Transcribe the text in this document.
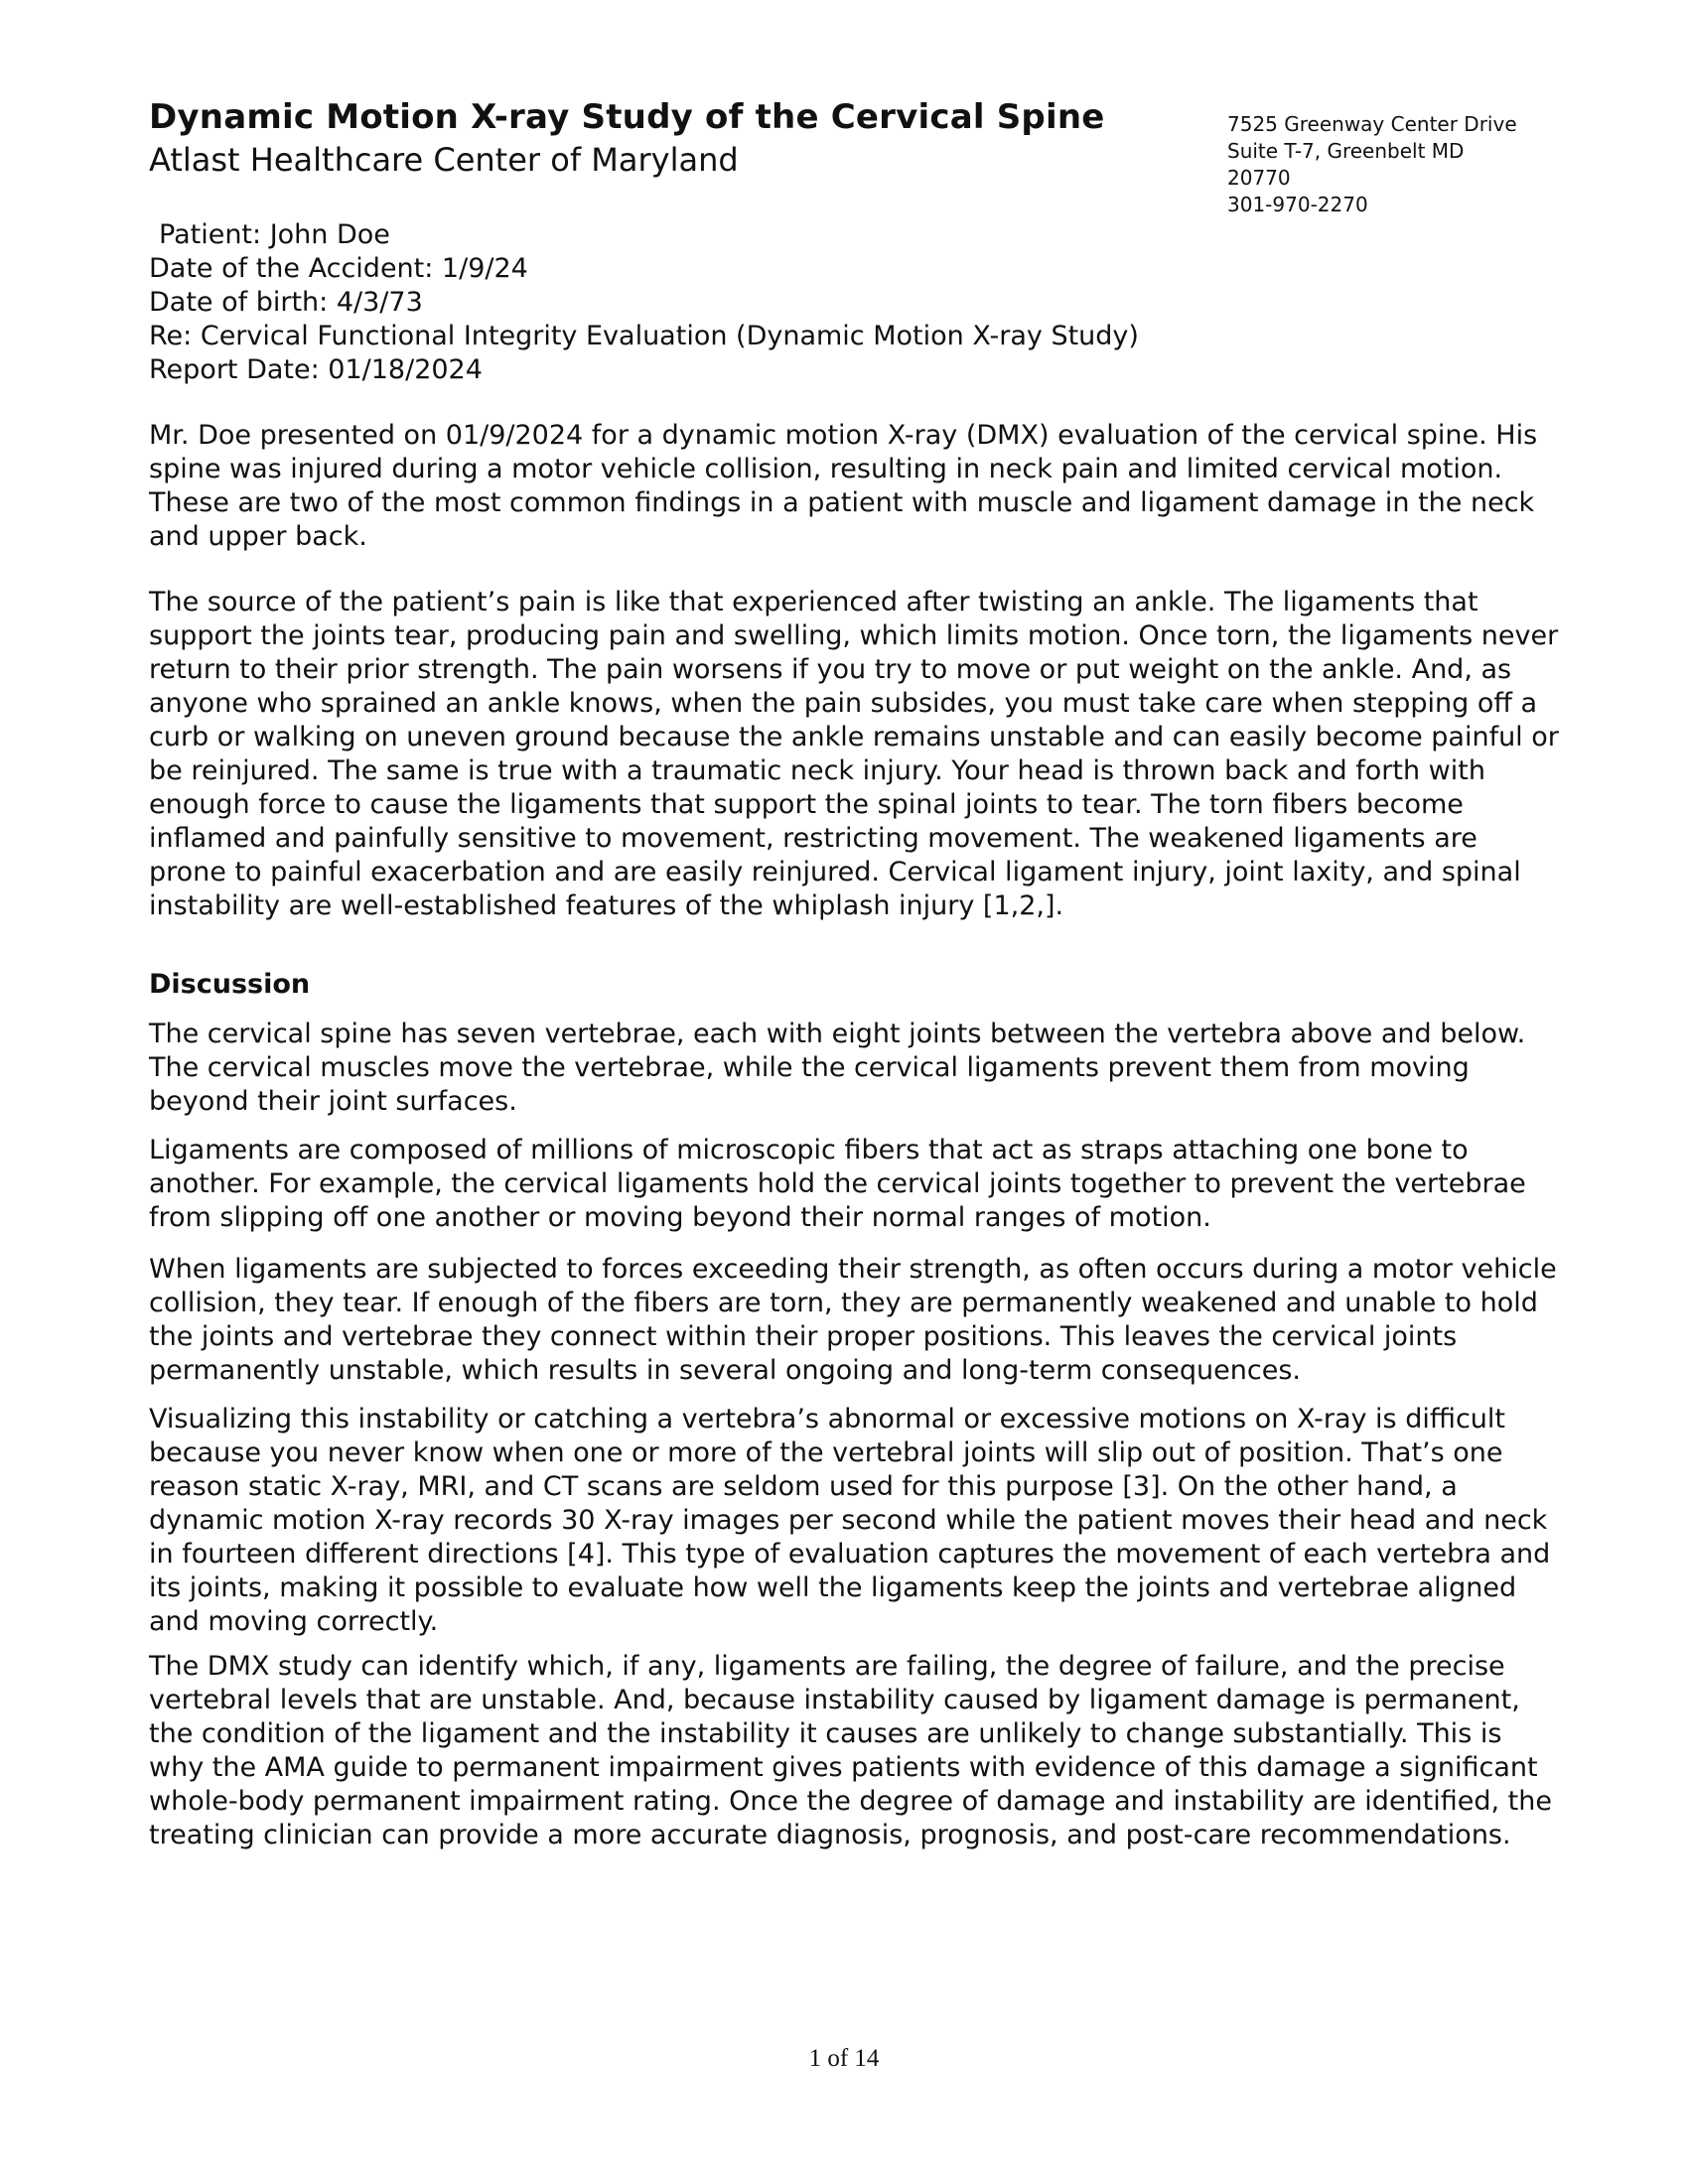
Dynamic Motion X-ray Study of the Cervical Spine
Atlast Healthcare Center of Maryland
7525 Greenway Center Drive
Suite T-7, Greenbelt MD
20770
301-970-2270
Patient: John Doe
Date of the Accident: 1/9/24
Date of birth: 4/3/73
Re: Cervical Functional Integrity Evaluation (Dynamic Motion X-ray Study)
Report Date: 01/18/2024

Mr. Doe presented on 01/9/2024 for a dynamic motion X-ray (DMX) evaluation of the cervical spine. His spine was injured during a motor vehicle collision, resulting in neck pain and limited cervical motion. These are two of the most common findings in a patient with muscle and ligament damage in the neck and upper back.

The source of the patient’s pain is like that experienced after twisting an ankle. The ligaments that support the joints tear, producing pain and swelling, which limits motion. Once torn, the ligaments never return to their prior strength. The pain worsens if you try to move or put weight on the ankle. And, as anyone who sprained an ankle knows, when the pain subsides, you must take care when stepping off a curb or walking on uneven ground because the ankle remains unstable and can easily become painful or be reinjured. The same is true with a traumatic neck injury. Your head is thrown back and forth with enough force to cause the ligaments that support the spinal joints to tear. The torn fibers become inflamed and painfully sensitive to movement, restricting movement. The weakened ligaments are prone to painful exacerbation and are easily reinjured. Cervical ligament injury, joint laxity, and spinal instability are well-established features of the whiplash injury [1,2,].

Discussion

The cervical spine has seven vertebrae, each with eight joints between the vertebra above and below. The cervical muscles move the vertebrae, while the cervical ligaments prevent them from moving beyond their joint surfaces.

Ligaments are composed of millions of microscopic fibers that act as straps attaching one bone to another. For example, the cervical ligaments hold the cervical joints together to prevent the vertebrae from slipping off one another or moving beyond their normal ranges of motion.

When ligaments are subjected to forces exceeding their strength, as often occurs during a motor vehicle collision, they tear. If enough of the fibers are torn, they are permanently weakened and unable to hold the joints and vertebrae they connect within their proper positions. This leaves the cervical joints permanently unstable, which results in several ongoing and long-term consequences.

Visualizing this instability or catching a vertebra’s abnormal or excessive motions on X-ray is difficult because you never know when one or more of the vertebral joints will slip out of position. That’s one reason static X-ray, MRI, and CT scans are seldom used for this purpose [3]. On the other hand, a dynamic motion X-ray records 30 X-ray images per second while the patient moves their head and neck in fourteen different directions [4]. This type of evaluation captures the movement of each vertebra and its joints, making it possible to evaluate how well the ligaments keep the joints and vertebrae aligned and moving correctly.

The DMX study can identify which, if any, ligaments are failing, the degree of failure, and the precise vertebral levels that are unstable. And, because instability caused by ligament damage is permanent, the condition of the ligament and the instability it causes are unlikely to change substantially. This is why the AMA guide to permanent impairment gives patients with evidence of this damage a significant whole-body permanent impairment rating. Once the degree of damage and instability are identified, the treating clinician can provide a more accurate diagnosis, prognosis, and post-care recommendations.

1 of 14
